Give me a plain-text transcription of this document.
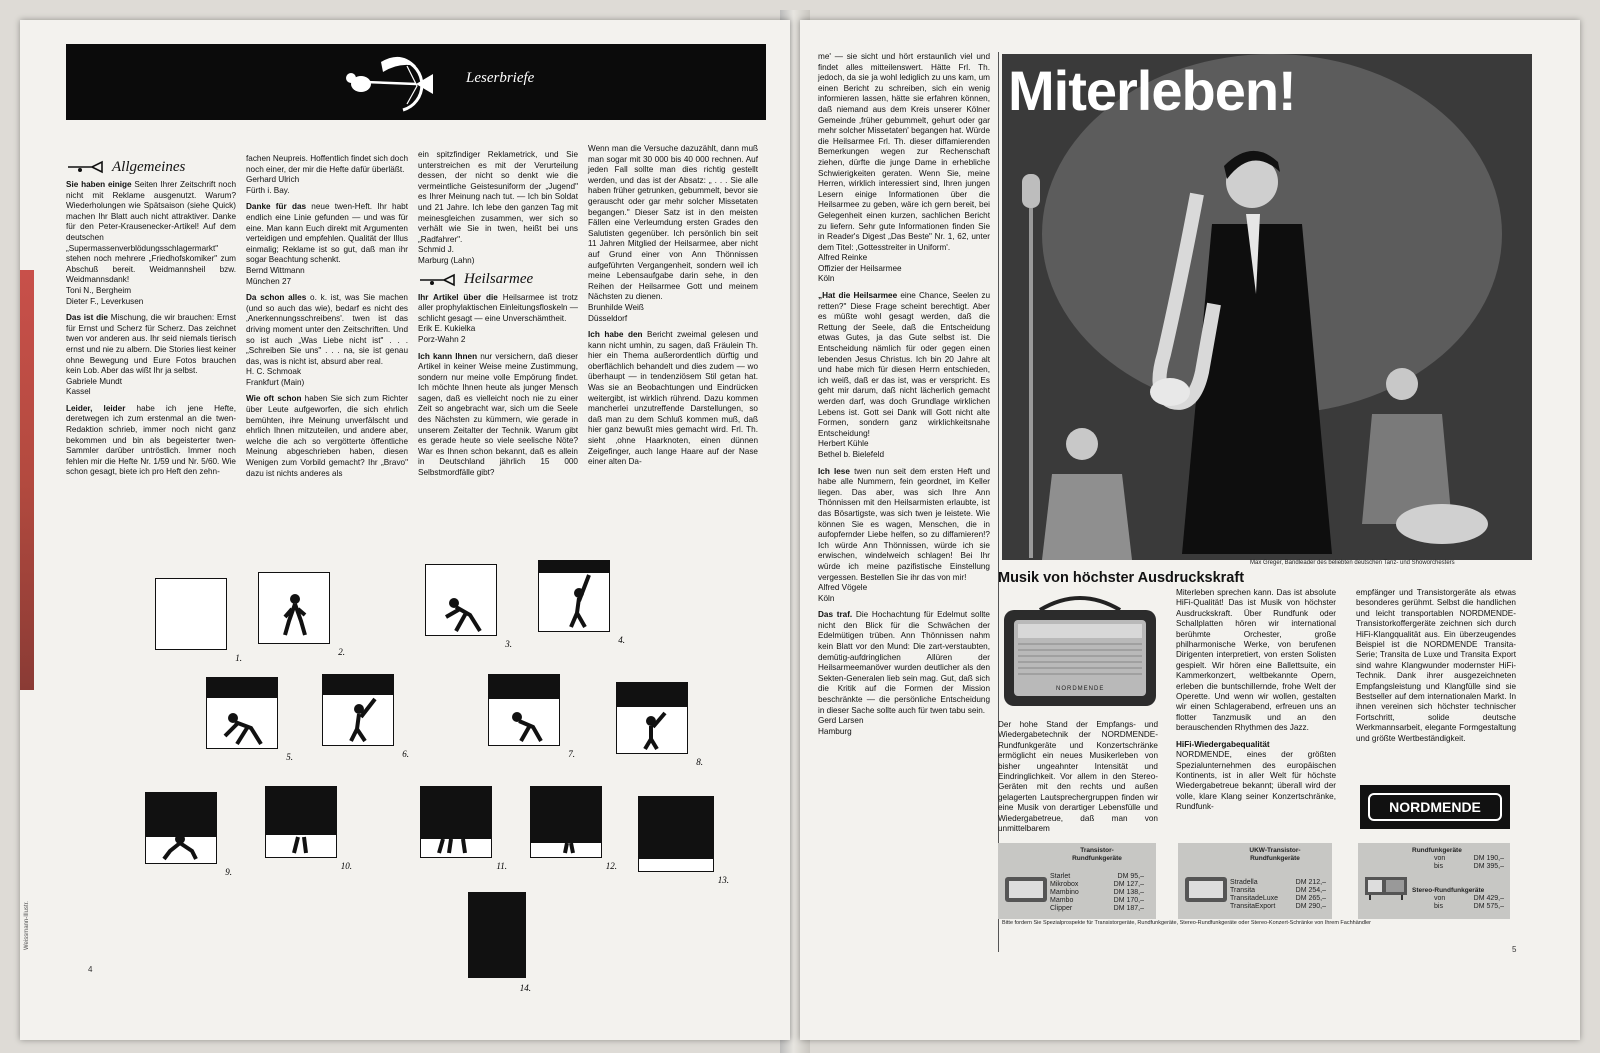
Weissmann-Illustr.
Leserbriefe
Allgemeines

Sie haben einige Seiten Ihrer Zeitschrift noch nicht mit Reklame ausgenutzt. Warum? Wiederholungen wie Spätsaison (siehe Quick) machen Ihr Blatt auch nicht attraktiver. Danke für den Peter-Krausenecker-Artikel! Auf dem deutschen „Supermassenverblödungsschlagermarkt" stehen noch mehrere „Friedhofskomiker" zum Abschuß bereit. Weidmannsheil bzw. Weidmannsdank!
Toni N., Bergheim
Dieter F., Leverkusen

Das ist die Mischung, die wir brauchen: Ernst für Ernst und Scherz für Scherz. Das zeichnet twen vor anderen aus. Ihr seid niemals tierisch ernst und nie zu albern. Die Stories liest keiner ohne Bewegung und Eure Fotos brauchen kein Lob. Aber das wißt Ihr ja selbst.
Gabriele Mundt
Kassel

Leider, leider habe ich jene Hefte, deretwegen ich zum erstenmal an die twen-Redaktion schrieb, immer noch nicht ganz bekommen und bin als begeisterter twen-Sammler darüber untröstlich. Immer noch fehlen mir die Hefte Nr. 1/59 und Nr. 5/60. Wie schon gesagt, biete ich pro Heft den zehn-

fachen Neupreis. Hoffentlich findet sich doch noch einer, der mir die Hefte dafür überläßt.
Gerhard Ulrich
Fürth i. Bay.

Danke für das neue twen-Heft. Ihr habt endlich eine Linie gefunden — und was für eine. Man kann Euch direkt mit Argumenten verteidigen und empfehlen. Qualität der Illus einmalig; Reklame ist so gut, daß man ihr sogar Beachtung schenkt.
Bernd Wittmann
München 27

Da schon alles o. k. ist, was Sie machen (und so auch das wie), bedarf es nicht des ‚Anerkennungsschreibens'. twen ist das driving moment unter den Zeitschriften. Und so ist auch „Was Liebe nicht ist" . . . „Schreiben Sie uns" . . . na, sie ist genau das, was is nicht ist, absurd aber real.
H. C. Schmoak
Frankfurt (Main)

Wie oft schon haben Sie sich zum Richter über Leute aufgeworfen, die sich ehrlich bemühten, ihre Meinung unverfälscht und ehrlich Ihnen mitzuteilen, und andere aber, welche die ach so vergötterte öffentliche Meinung abgeschrieben haben, diesen Wenigen zum Vorbild gemacht? Ihr „Bravo" dazu ist nichts anderes als

ein spitzfindiger Reklametrick, und Sie unterstreichen es mit der Verurteilung dessen, der nicht so denkt wie die vermeintliche Geistesuniform der „Jugend" es Ihrer Meinung nach tut. — Ich bin Soldat und 21 Jahre. Ich lebe den ganzen Tag mit meinesgleichen zusammen, wer sich so verhält wie Sie in twen, heißt bei uns „Radfahrer".
Schmid J.
Marburg (Lahn)

Heilsarmee

Ihr Artikel über die Heilsarmee ist trotz aller prophylaktischen Einleitungsfloskeln — schlicht gesagt — eine Unverschämtheit.
Erik E. Kukielka
Porz-Wahn 2

Ich kann Ihnen nur versichern, daß dieser Artikel in keiner Weise meine Zustimmung, sondern nur meine volle Empörung findet. Ich möchte Ihnen heute als junger Mensch sagen, daß es vielleicht noch nie zu einer Zeit so angebracht war, sich um die Seele des Nächsten zu kümmern, wie gerade in unserem Zeitalter der Technik. Warum gibt es gerade heute so viele seelische Nöte? War es Ihnen schon bekannt, daß es allein in Deutschland jährlich 15 000 Selbstmordfälle gibt?

Wenn man die Versuche dazuzählt, dann muß man sogar mit 30 000 bis 40 000 rechnen. Auf jeden Fall sollte man dies richtig gestellt werden, und das ist der Absatz: „ . . . Sie alle haben früher getrunken, gebummelt, bevor sie gerauscht oder gar mehr solcher Missetaten begangen." Dieser Satz ist in den meisten Fällen eine Verleumdung ersten Grades den Salutisten gegenüber. Ich persönlich bin seit 11 Jahren Mitglied der Heilsarmee, aber nicht auf Grund einer von Ann Thönnissen aufgeführten Vergangenheit, sondern weil ich meine Lebensaufgabe darin sehe, in den Reihen der Heilsarmee Gott und meinem Nächsten zu dienen.
Brunhilde Weiß
Düsseldorf

Ich habe den Bericht zweimal gelesen und kann nicht umhin, zu sagen, daß Fräulein Th. hier ein Thema außerordentlich dürftig und oberflächlich behandelt und dies zudem — wo überhaupt — in tendenziösem Stil getan hat. Was sie an Beobachtungen und Eindrücken weitergibt, ist wirklich rührend. Dazu kommen mancherlei unzutreffende Darstellungen, so daß man zu dem Schluß kommen muß, daß hier ganz bewußt mies gemacht wird. Frl. Th. sieht ‚ohne Haarknoten, einen dünnen Zeigefinger, auch lange Haare auf der Nase einer alten Da-

1.
2.
3.	4.
5.	6.	7.
8.
9.
10.	11.	12.
13.
14.
4

me' — sie sicht und hört erstaunlich viel und findet alles mitteilenswert. Hätte Frl. Th. jedoch, da sie ja wohl lediglich zu uns kam, um einen Bericht zu schreiben, sich ein wenig informieren lassen, hätte sie erfahren können, daß niemand aus dem Kreis unserer Kölner Gemeinde ‚früher gebummelt, gehurt oder gar mehr solcher Missetaten' begangen hat. Würde die Heilsarmee Frl. Th. dieser diffamierenden Bemerkungen wegen zur Rechenschaft ziehen, dürfte die junge Dame in erhebliche Schwierigkeiten geraten. Wenn Sie, meine Herren, wirklich interessiert sind, Ihren jungen Lesern einige Informationen über die Heilsarmee zu geben, wäre ich gern bereit, bei Gelegenheit einen kurzen, sachlichen Bericht zu liefern. Sehr gute Informationen finden Sie in Reader's Digest „Das Beste" Nr. 1, 62, unter dem Titel: ‚Gottesstreiter in Uniform'.
Alfred Reinke
Offizier der Heilsarmee
Köln

„Hat die Heilsarmee eine Chance, Seelen zu retten?" Diese Frage scheint berechtigt. Aber es müßte wohl gesagt werden, daß die Rettung der Seele, daß die Entscheidung etwas Gutes, ja das Gute selbst ist. Die Entscheidung nämlich für oder gegen einen lebenden Jesus Christus. Ich bin 20 Jahre alt und habe mich für diesen Herrn entschieden, ich weiß, daß er das ist, was er verspricht. Es geht mir darum, daß nicht lächerlich gemacht werden darf, was doch Grundlage wirklichen Lebens ist. Gott sei Dank will Gott nicht alte Formen, sondern ganz wirklichkeitsnahe Entscheidung!
Herbert Kühle
Bethel b. Bielefeld

Ich lese twen nun seit dem ersten Heft und habe alle Nummern, fein geordnet, im Keller liegen. Das aber, was sich Ihre Ann Thönnissen mit den Heilsarmisten erlaubte, ist das Bösartigste, was sich twen je leistete. Wie können Sie es wagen, Menschen, die in aufopfernder Liebe helfen, so zu diffamieren!? Ich würde Ann Thönnissen, würde ich sie erwischen, windelweich schlagen! Bei Ihr würde ich meine pazifistische Einstellung vergessen. Bestellen Sie ihr das von mir!
Alfred Vögele
Köln

Das traf. Die Hochachtung für Edelmut sollte nicht den Blick für die Schwächen der Edelmütigen trüben. Ann Thönnissen nahm kein Blatt vor den Mund: Die zart-verstaubten, demütig-aufdringlichen Allüren der Heilsarmeemanöver wurden deutlicher als den Sekten-Generalen lieb sein mag. Gut, daß sich die Kritik auf die Formen der Mission beschränkte — die persönliche Entscheidung in dieser Sache sollte auch für twen tabu sein.
Gerd Larsen
Hamburg

5
Miterleben!
Max Greger, Bandleader des beliebten deutschen Tanz- und Showorchesters
Musik von höchster Ausdruckskraft
NORDMENDE
Der hohe Stand der Empfangs- und Wiedergabetechnik der NORDMENDE-Rundfunkgeräte und Konzertschränke ermöglicht ein neues Musikerleben von bisher ungeahnter Intensität und Eindringlichkeit. Vor allem in den Stereo-Geräten mit den rechts und außen gelagerten Lautsprechergruppen finden wir eine Musik von derartiger Lebensfülle und Wiedergabetreue, daß man von unmittelbarem

Miterleben sprechen kann. Das ist absolute HiFi-Qualität! Das ist Musik von höchster Ausdruckskraft. Über Rundfunk oder Schallplatten hören wir international berühmte Orchester, große philharmonische Werke, von berufenen Dirigenten interpretiert, von ersten Solisten gespielt. Wir hören eine Ballettsuite, ein Kammerkonzert, weltbekannte Opern, erleben die buntschillernde, frohe Welt der Operette. Und wenn wir wollen, gestalten wir einen Schlagerabend, erfreuen uns an flotter Tanzmusik und an den berauschenden Rhythmen des Jazz.

HiFi-Wiedergabequalität

NORDMENDE, eines der größten Spezialunternehmen des europäischen Kontinents, ist in aller Welt für höchste Wiedergabetreue bekannt; überall wird der volle, klare Klang seiner Konzertschränke, Rundfunk-

empfänger und Transistorgeräte als etwas besonderes gerühmt. Selbst die handlichen und leicht transportablen NORDMENDE-Transistorkoffergeräte zeichnen sich durch HiFi-Klangqualität aus. Ein überzeugendes Beispiel ist die NORDMENDE Transita-Serie; Transita de Luxe und Transita Export sind wahre Klangwunder modernster HiFi-Technik. Dank ihrer ausgezeichneten Empfangsleistung und Klangfülle sind sie Bestseller auf dem internationalen Markt. In ihnen vereinen sich höchster technischer Fortschritt, solide deutsche Werkmannsarbeit, elegante Formgestaltung und größte Wertbeständigkeit.
NORDMENDE
Transistor-
Rundfunkgeräte
Starlet	DM 95,–
Mikrobox	DM 127,–
Mambino	DM 138,–
Mambo	DM 170,–
Clipper	DM 187,–
UKW-Transistor-
Rundfunkgeräte
Stradella	DM 212,–
Transita	DM 254,–
TransitadeLuxe	DM 265,–
TransitaExport	DM 290,–
Rundfunkgeräte
von	DM 190,–
bis	DM 395,–
Stereo-Rundfunkgeräte
von	DM 429,–
bis	DM 575,–
Bitte fordern Sie Spezialprospekte für Transistorgeräte, Rundfunkgeräte, Stereo-Rundfunkgeräte oder Stereo-Konzert-Schränke von Ihrem Fachhändler
